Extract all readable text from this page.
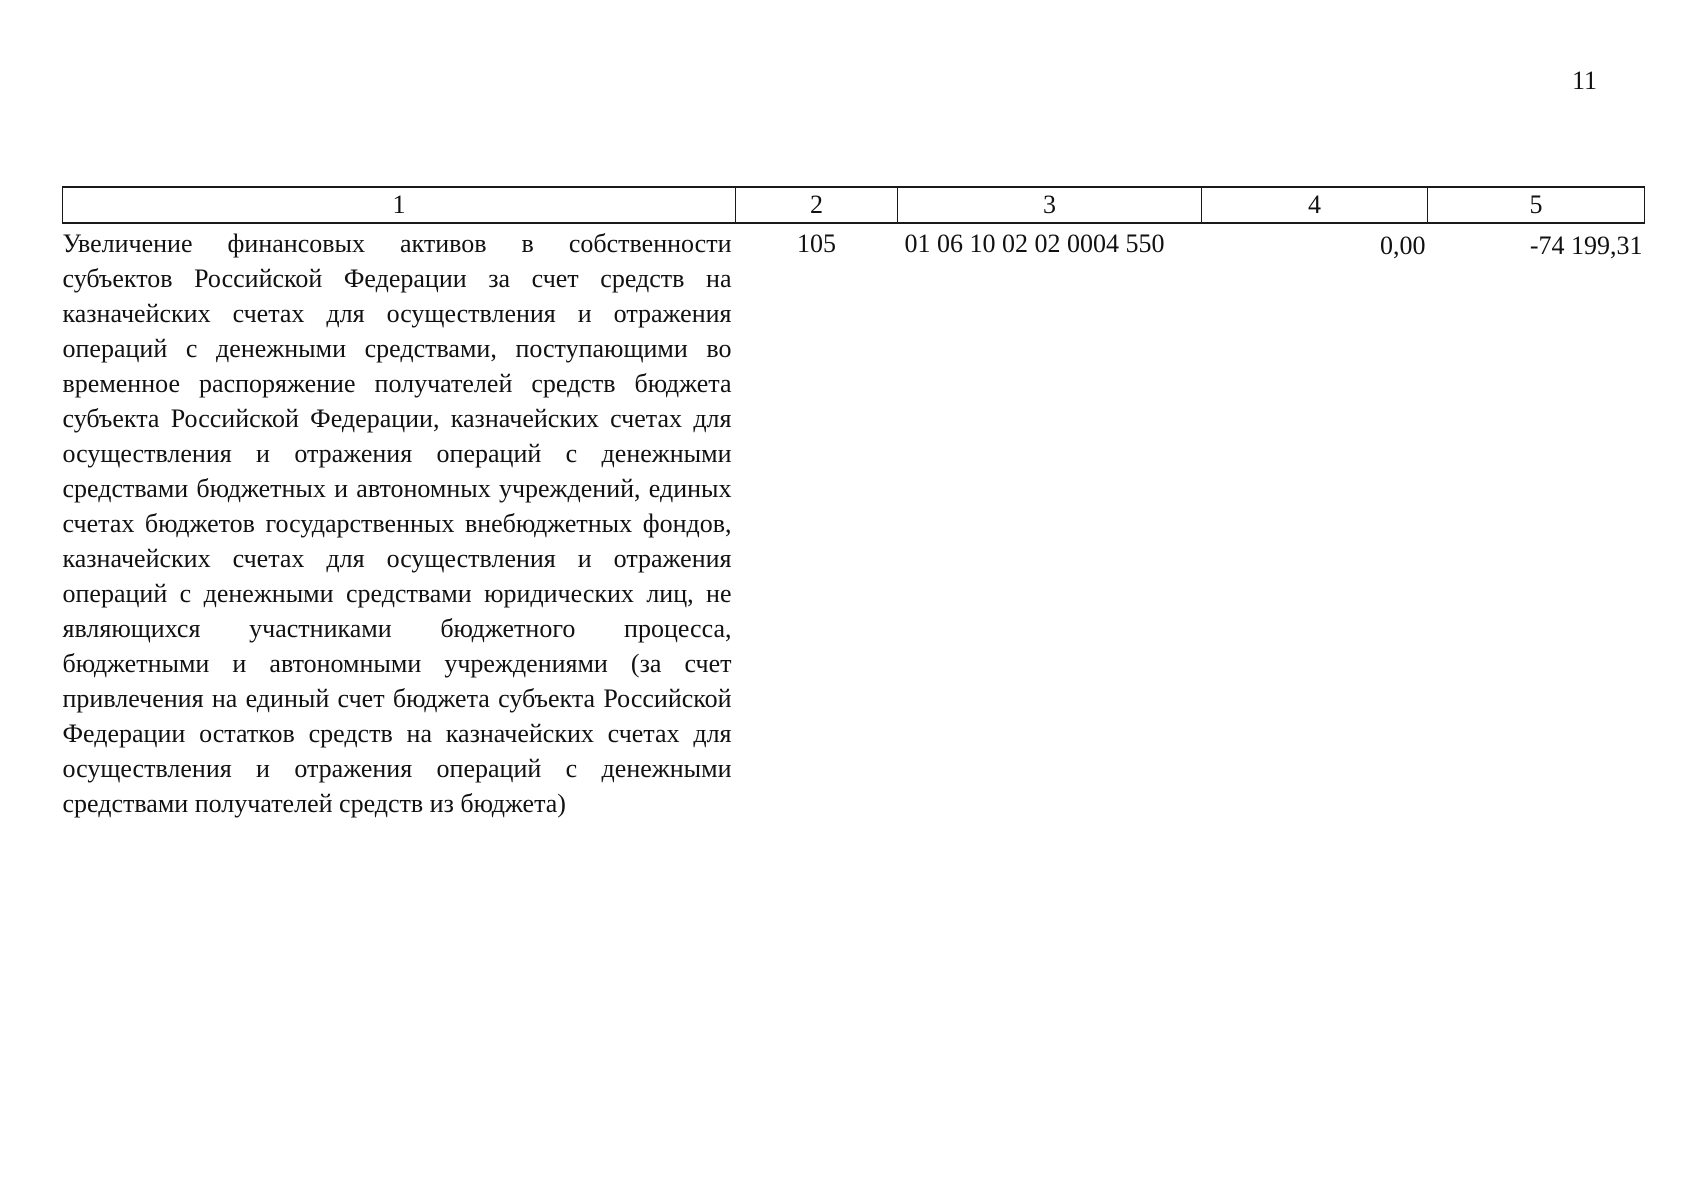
11
1	2	3	4	5
Увеличение финансовых активов в собственности субъектов Российской Федерации за счет средств на казначейских счетах для осуществления и отражения операций с денежными средствами, поступающими во временное распоряжение получателей средств бюджета субъекта Российской Федерации, казначейских счетах для осуществления и отражения операций с денежными средствами бюджетных и автономных учреждений, единых счетах бюджетов государственных внебюджетных фондов, казначейских счетах для осуществления и отражения операций с денежными средствами юридических лиц, не являющихся участниками бюджетного процесса, бюджетными и автономными учреждениями (за счет привлечения на единый счет бюджета субъекта Российской Федерации остатков средств на казначейских счетах для осуществления и отражения операций с денежными средствами получателей средств из бюджета)	105	01 06 10 02 02 0004 550	0,00	-74 199,31
